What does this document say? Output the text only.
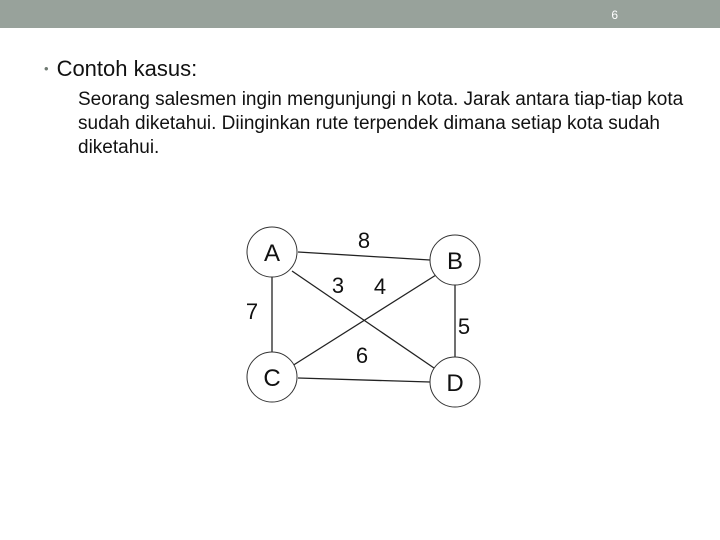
6
• Contoh kasus:
Seorang salesmen ingin mengunjungi n kota. Jarak antara tiap-tiap kota sudah diketahui. Diinginkan rute terpendek dimana setiap kota sudah diketahui.
A	B
C	D
8
3 4
7
5
6
